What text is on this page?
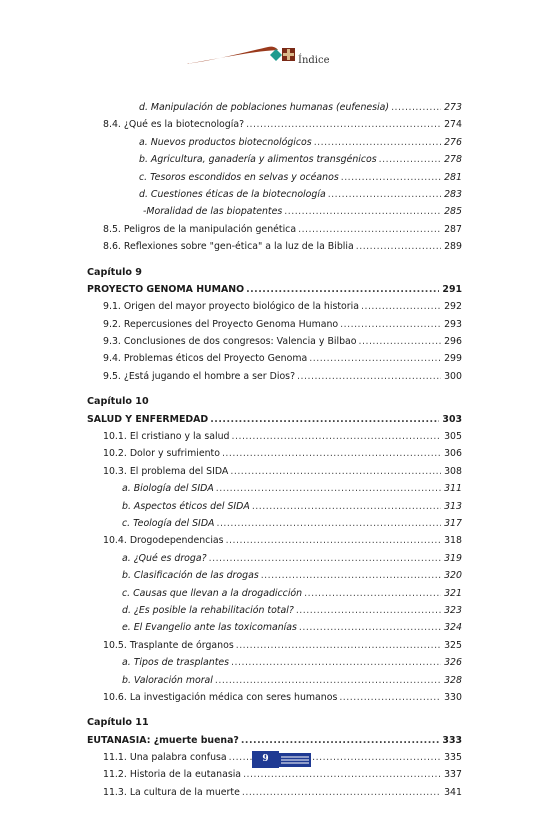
Índice
d. Manipulación de poblaciones humanas (eufenesia) .....	273
8.4. ¿Qué es la biotecnología? .....	274
a. Nuevos productos biotecnológicos .....	276
b. Agricultura, ganadería y alimentos transgénicos .....	278
c. Tesoros escondidos en selvas y océanos .....	281
d. Cuestiones éticas de la biotecnología .....	283
-Moralidad de las biopatentes .....	285
8.5. Peligros de la manipulación genética .....	287
8.6. Reflexiones sobre "gen-ética" a la luz de la Biblia .....	289
Capítulo 9
PROYECTO GENOMA HUMANO .....	291
9.1. Origen del mayor proyecto biológico de la historia .....	292
9.2. Repercusiones del Proyecto Genoma Humano .....	293
9.3. Conclusiones de dos congresos: Valencia y Bilbao .....	296
9.4. Problemas éticos del Proyecto Genoma .....	299
9.5. ¿Está jugando el hombre a ser Dios? .....	300
Capítulo 10
SALUD Y ENFERMEDAD .....	303
10.1. El cristiano y la salud .....	305
10.2. Dolor y sufrimiento .....	306
10.3. El problema del SIDA .....	308
a. Biología del SIDA .....	311
b. Aspectos éticos del SIDA .....	313
c. Teología del SIDA .....	317
10.4. Drogodependencias .....	318
a. ¿Qué es droga? .....	319
b. Clasificación de las drogas .....	320
c. Causas que llevan a la drogadicción .....	321
d. ¿Es posible la rehabilitación total? .....	323
e. El Evangelio ante las toxicomanías .....	324
10.5. Trasplante de órganos .....	325
a. Tipos de trasplantes .....	326
b. Valoración moral .....	328
10.6. La investigación médica con seres humanos .....	330
Capítulo 11
EUTANASIA: ¿muerte buena? .....	333
11.1. Una palabra confusa .....	335
11.2. Historia de la eutanasia .....	337
11.3. La cultura de la muerte .....	341
9
